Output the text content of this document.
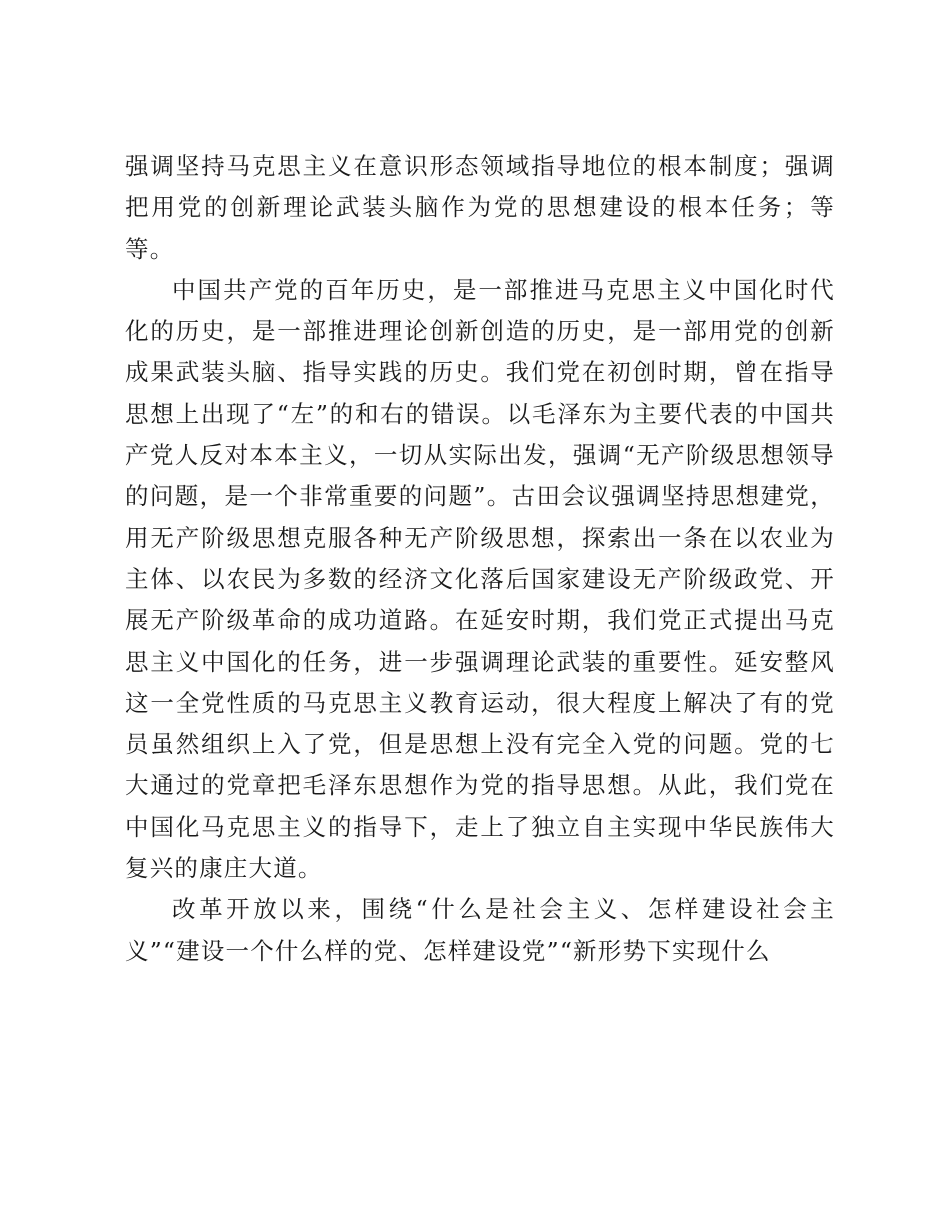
强调坚持马克思主义在意识形态领域指导地位的根本制度；强调把用党的创新理论武装头脑作为党的思想建设的根本任务；等等。

中国共产党的百年历史，是一部推进马克思主义中国化时代化的历史，是一部推进理论创新创造的历史，是一部用党的创新成果武装头脑、指导实践的历史。我们党在初创时期，曾在指导思想上出现了“左”的和右的错误。以毛泽东为主要代表的中国共产党人反对本本主义，一切从实际出发，强调“无产阶级思想领导的问题，是一个非常重要的问题”。古田会议强调坚持思想建党，用无产阶级思想克服各种无产阶级思想，探索出一条在以农业为主体、以农民为多数的经济文化落后国家建设无产阶级政党、开展无产阶级革命的成功道路。在延安时期，我们党正式提出马克思主义中国化的任务，进一步强调理论武装的重要性。延安整风这一全党性质的马克思主义教育运动，很大程度上解决了有的党员虽然组织上入了党，但是思想上没有完全入党的问题。党的七大通过的党章把毛泽东思想作为党的指导思想。从此，我们党在中国化马克思主义的指导下，走上了独立自主实现中华民族伟大复兴的康庄大道。

改革开放以来，围绕“什么是社会主义、怎样建设社会主义”“建设一个什么样的党、怎样建设党”“新形势下实现什么
